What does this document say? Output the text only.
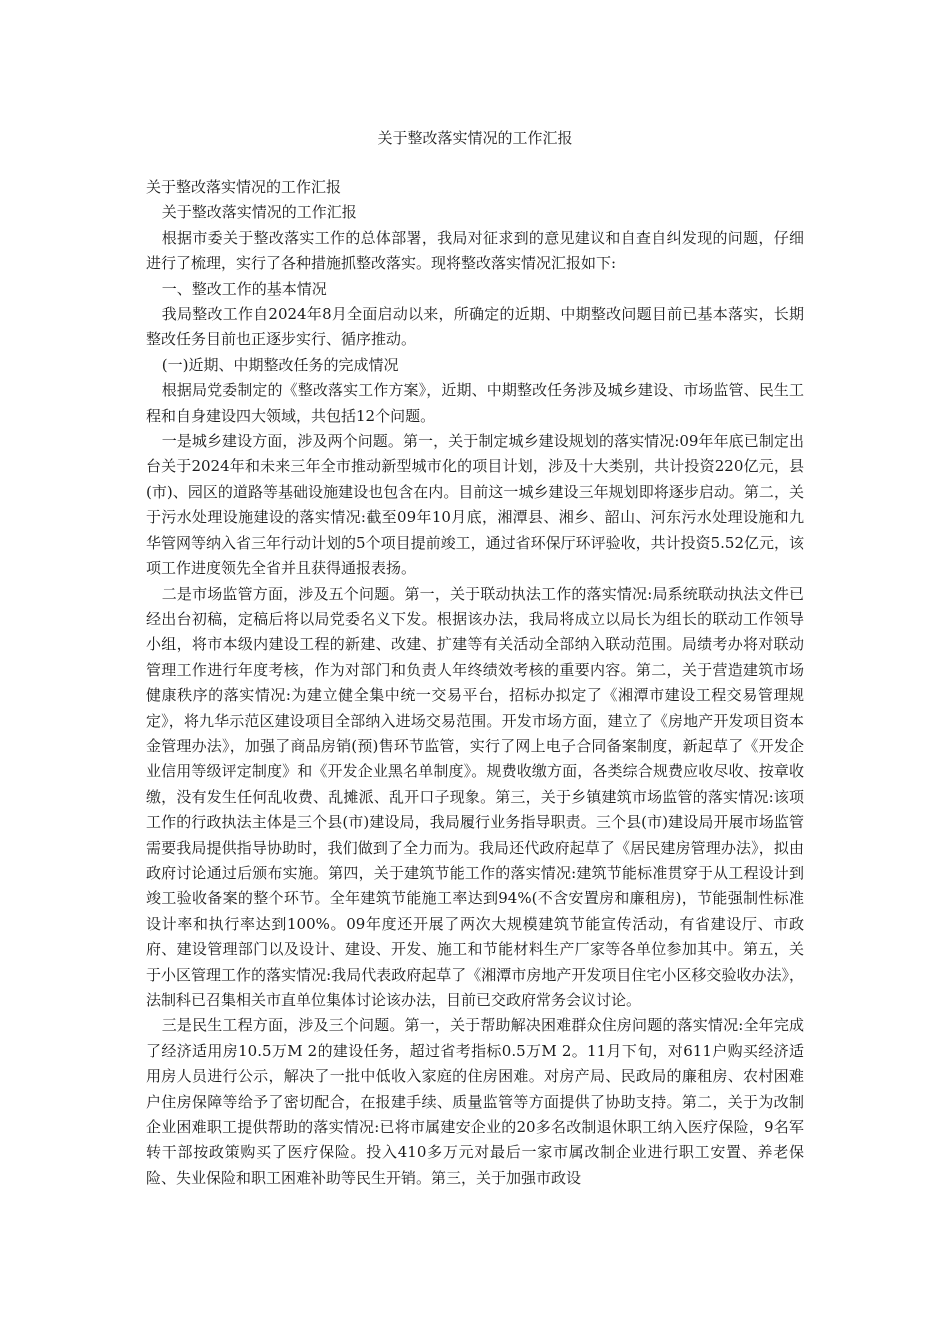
关于整改落实情况的工作汇报

关于整改落实情况的工作汇报

关于整改落实情况的工作汇报

根据市委关于整改落实工作的总体部署，我局对征求到的意见建议和自查自纠发现的问题，仔细进行了梳理，实行了各种措施抓整改落实。现将整改落实情况汇报如下:

一、整改工作的基本情况

我局整改工作自2024年8月全面启动以来，所确定的近期、中期整改问题目前已基本落实，长期整改任务目前也正逐步实行、循序推动。

(一)近期、中期整改任务的完成情况

根据局党委制定的《整改落实工作方案》，近期、中期整改任务涉及城乡建设、市场监管、民生工程和自身建设四大领域，共包括12个问题。

一是城乡建设方面，涉及两个问题。第一，关于制定城乡建设规划的落实情况:09年年底已制定出台关于2024年和未来三年全市推动新型城市化的项目计划，涉及十大类别，共计投资220亿元，县(市)、园区的道路等基础设施建设也包含在内。目前这一城乡建设三年规划即将逐步启动。第二，关于污水处理设施建设的落实情况:截至09年10月底，湘潭县、湘乡、韶山、河东污水处理设施和九华管网等纳入省三年行动计划的5个项目提前竣工，通过省环保厅环评验收，共计投资5.52亿元，该项工作进度领先全省并且获得通报表扬。

二是市场监管方面，涉及五个问题。第一，关于联动执法工作的落实情况:局系统联动执法文件已经出台初稿，定稿后将以局党委名义下发。根据该办法，我局将成立以局长为组长的联动工作领导小组，将市本级内建设工程的新建、改建、扩建等有关活动全部纳入联动范围。局绩考办将对联动管理工作进行年度考核，作为对部门和负责人年终绩效考核的重要内容。第二，关于营造建筑市场健康秩序的落实情况:为建立健全集中统一交易平台，招标办拟定了《湘潭市建设工程交易管理规定》，将九华示范区建设项目全部纳入进场交易范围。开发市场方面，建立了《房地产开发项目资本金管理办法》，加强了商品房销(预)售环节监管，实行了网上电子合同备案制度，新起草了《开发企业信用等级评定制度》和《开发企业黑名单制度》。规费收缴方面，各类综合规费应收尽收、按章收缴，没有发生任何乱收费、乱摊派、乱开口子现象。第三，关于乡镇建筑市场监管的落实情况:该项工作的行政执法主体是三个县(市)建设局，我局履行业务指导职责。三个县(市)建设局开展市场监管需要我局提供指导协助时，我们做到了全力而为。我局还代政府起草了《居民建房管理办法》，拟由政府讨论通过后颁布实施。第四，关于建筑节能工作的落实情况:建筑节能标准贯穿于从工程设计到竣工验收备案的整个环节。全年建筑节能施工率达到94%(不含安置房和廉租房)，节能强制性标准设计率和执行率达到100%。09年度还开展了两次大规模建筑节能宣传活动，有省建设厅、市政府、建设管理部门以及设计、建设、开发、施工和节能材料生产厂家等各单位参加其中。第五，关于小区管理工作的落实情况:我局代表政府起草了《湘潭市房地产开发项目住宅小区移交验收办法》，法制科已召集相关市直单位集体讨论该办法，目前已交政府常务会议讨论。

三是民生工程方面，涉及三个问题。第一，关于帮助解决困难群众住房问题的落实情况:全年完成了经济适用房10.5万M 2的建设任务，超过省考指标0.5万M 2。11月下旬，对611户购买经济适用房人员进行公示，解决了一批中低收入家庭的住房困难。对房产局、民政局的廉租房、农村困难户住房保障等给予了密切配合，在报建手续、质量监管等方面提供了协助支持。第二，关于为改制企业困难职工提供帮助的落实情况:已将市属建安企业的20多名改制退休职工纳入医疗保险，9名军转干部按政策购买了医疗保险。投入410多万元对最后一家市属改制企业进行职工安置、养老保险、失业保险和职工困难补助等民生开销。第三，关于加强市政设
